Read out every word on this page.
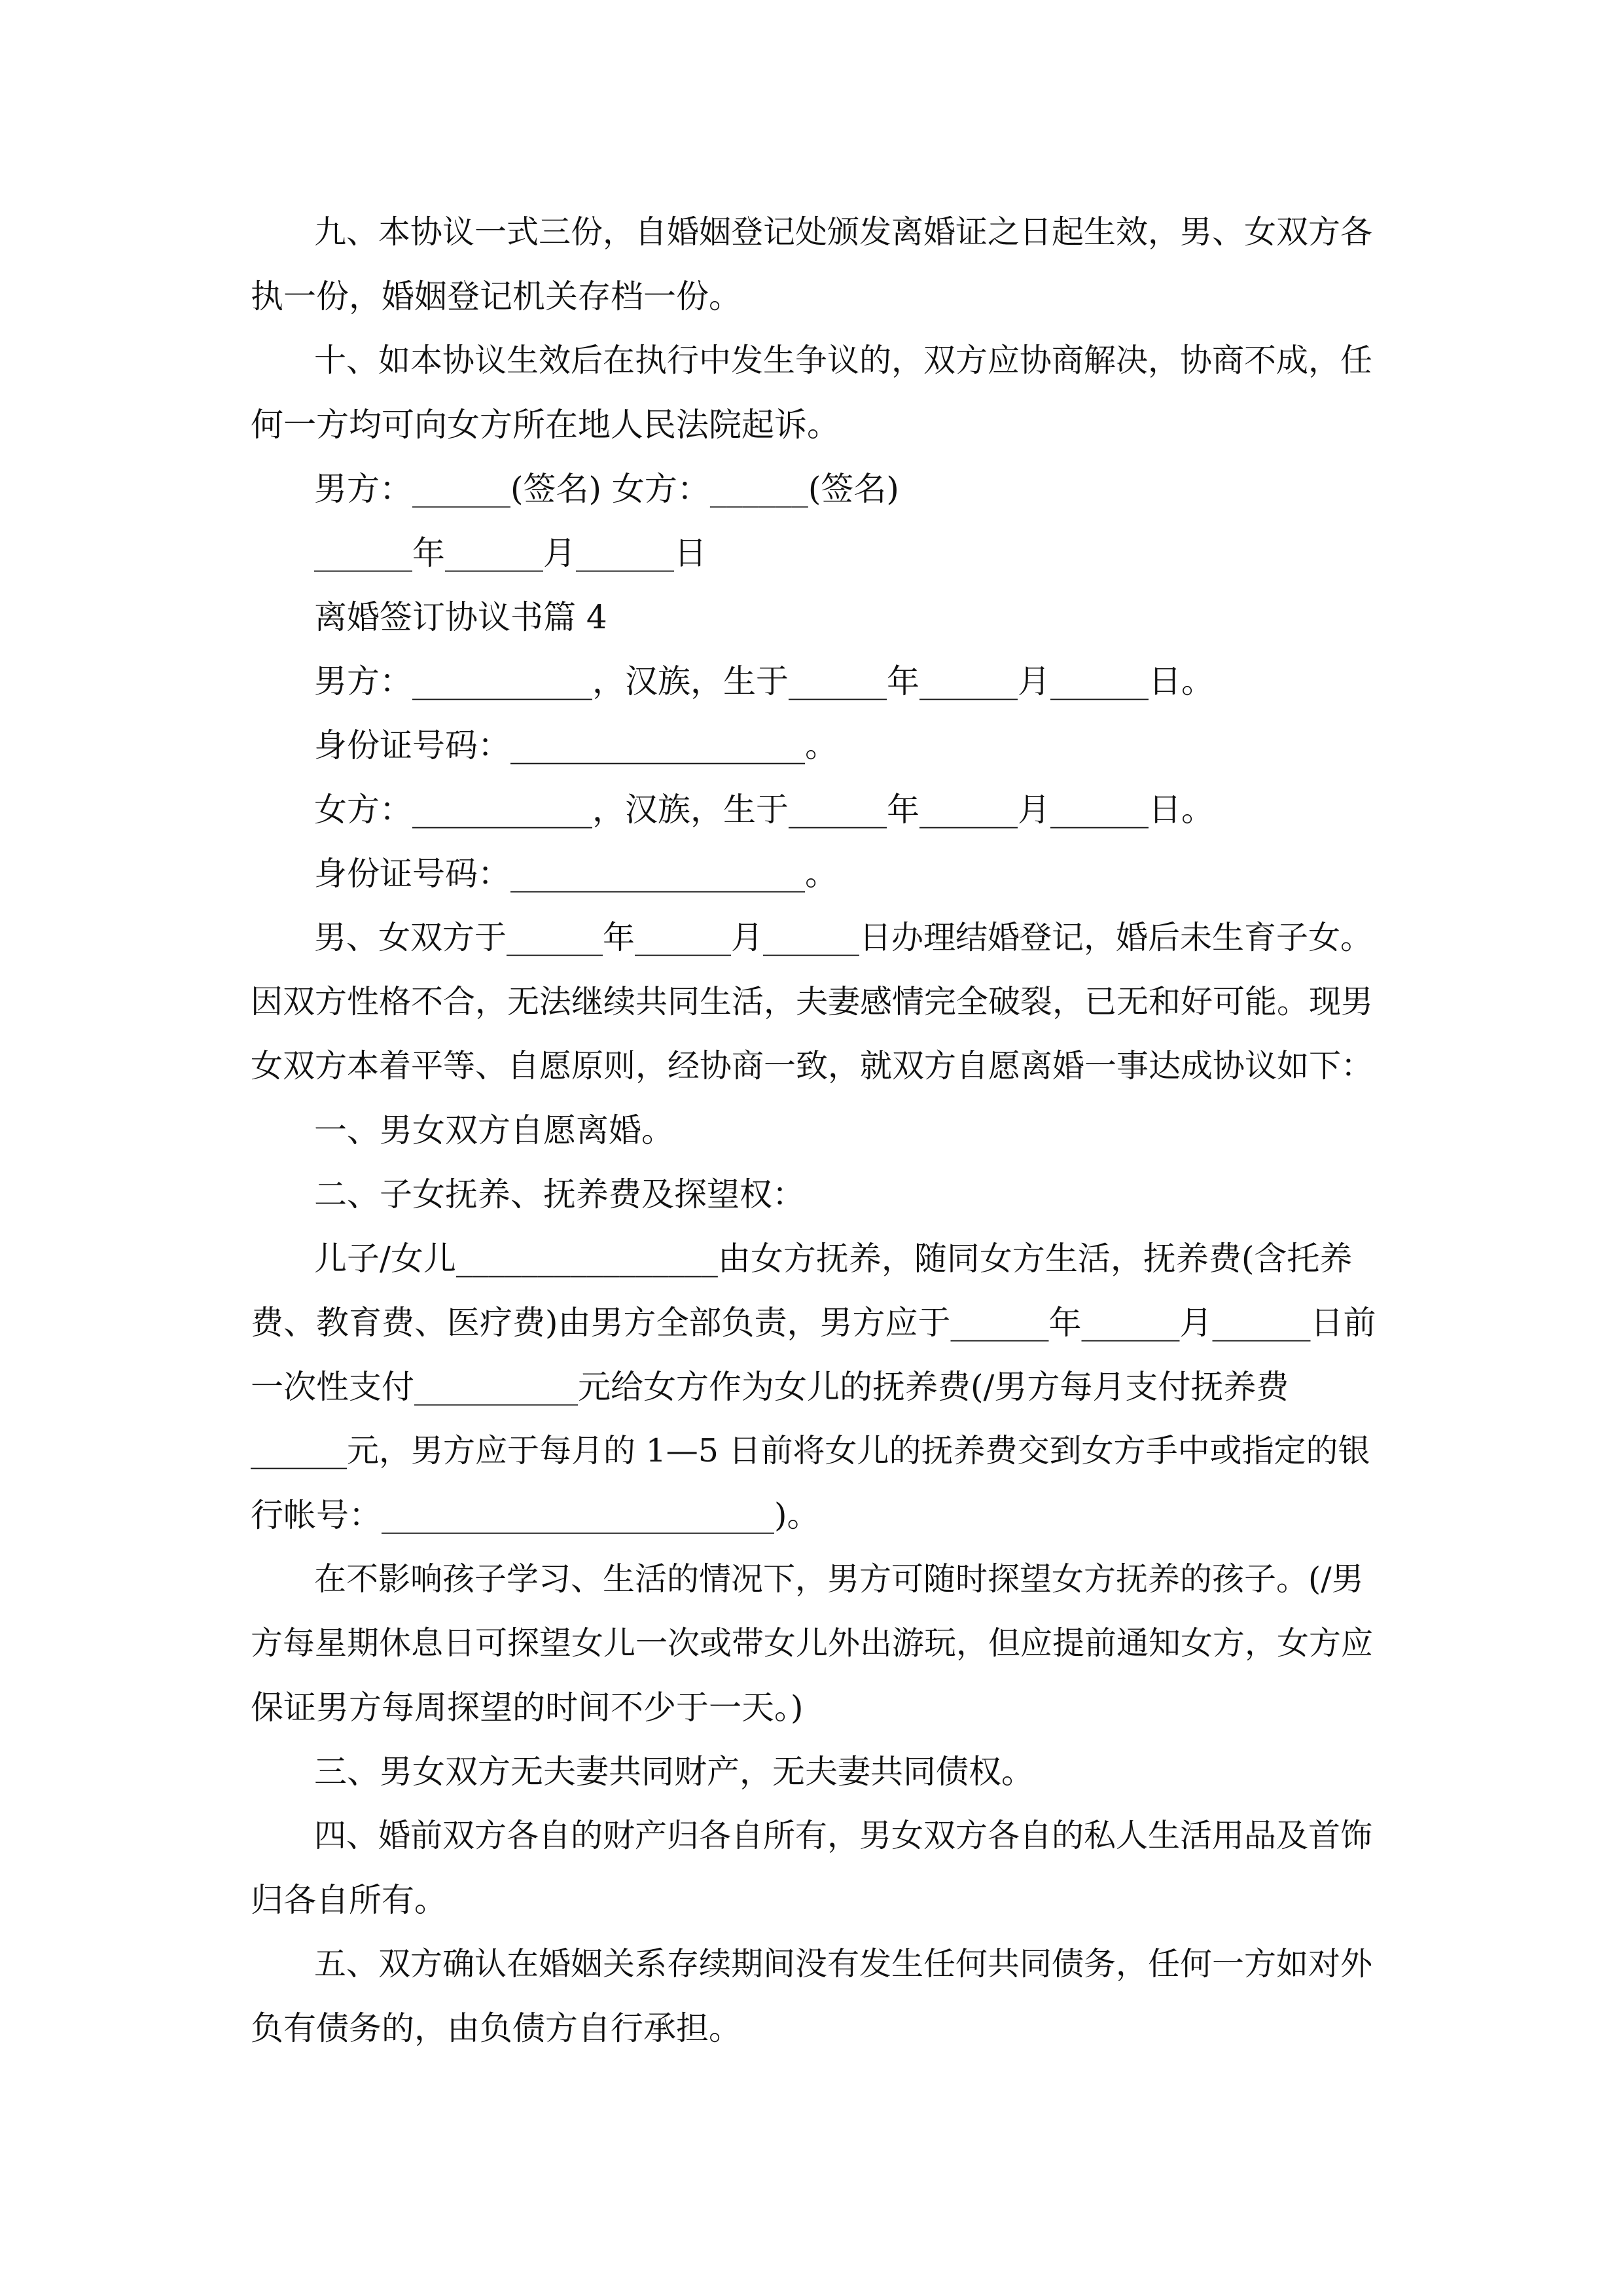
九、本协议一式三份，自婚姻登记处颁发离婚证之日起生效，男、女双方各
执一份，婚姻登记机关存档一份。
十、如本协议生效后在执行中发生争议的，双方应协商解决，协商不成，任
何一方均可向女方所在地人民法院起诉。
男方：______(签名) 女方：______(签名)
______年______月______日
离婚签订协议书篇 4
男方：___________，汉族，生于______年______月______日。
身份证号码：__________________。
女方：___________，汉族，生于______年______月______日。
身份证号码：__________________。
男、女双方于______年______月______日办理结婚登记，婚后未生育子女。
因双方性格不合，无法继续共同生活，夫妻感情完全破裂，已无和好可能。现男
女双方本着平等、自愿原则，经协商一致，就双方自愿离婚一事达成协议如下：
一、男女双方自愿离婚。
二、子女抚养、抚养费及探望权：
儿子/女儿________________由女方抚养，随同女方生活，抚养费(含托养
费、教育费、医疗费)由男方全部负责，男方应于______年______月______日前
一次性支付__________元给女方作为女儿的抚养费(/男方每月支付抚养费
______元，男方应于每月的 1—5 日前将女儿的抚养费交到女方手中或指定的银
行帐号：________________________)。
在不影响孩子学习、生活的情况下，男方可随时探望女方抚养的孩子。(/男
方每星期休息日可探望女儿一次或带女儿外出游玩，但应提前通知女方，女方应
保证男方每周探望的时间不少于一天。)
三、男女双方无夫妻共同财产，无夫妻共同债权。
四、婚前双方各自的财产归各自所有，男女双方各自的私人生活用品及首饰
归各自所有。
五、双方确认在婚姻关系存续期间没有发生任何共同债务，任何一方如对外
负有债务的，由负债方自行承担。
